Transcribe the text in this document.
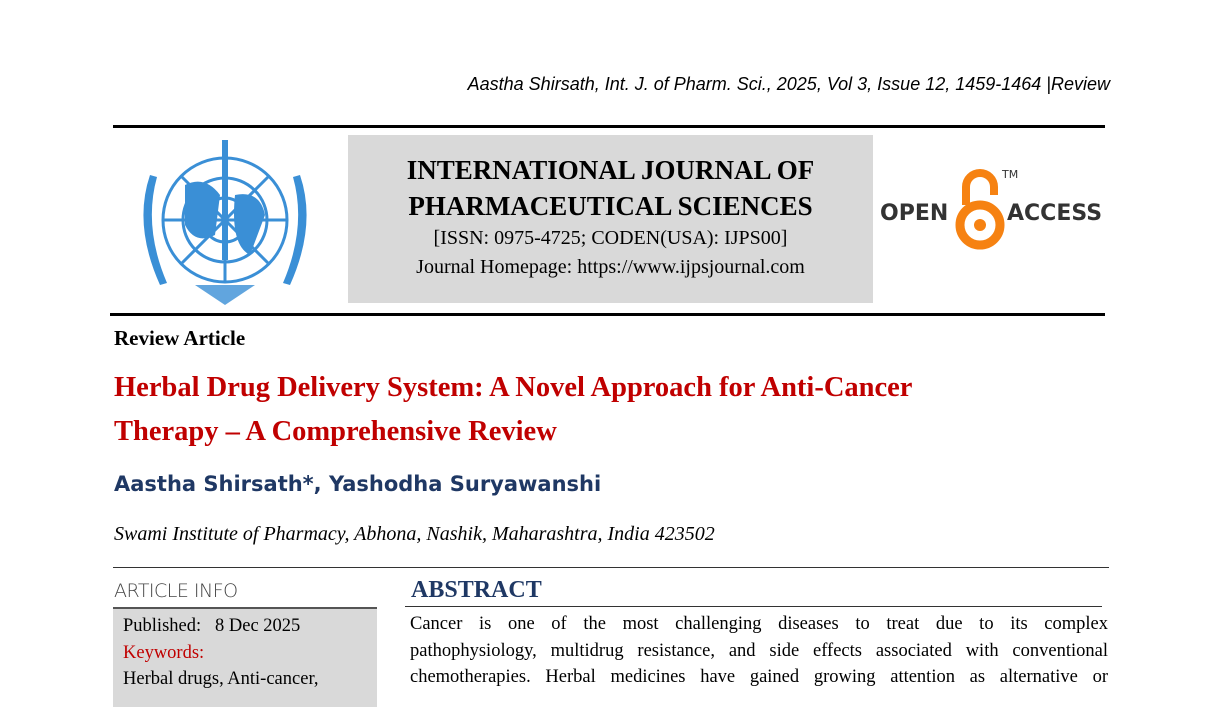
Aastha Shirsath, Int. J. of Pharm. Sci., 2025, Vol 3, Issue 12, 1459-1464 |Review
INTERNATIONAL JOURNAL OF
PHARMACEUTICAL SCIENCES
[ISSN: 0975-4725; CODEN(USA): IJPS00]
Journal Homepage: https://www.ijpsjournal.com
OPEN	ACCESS
TM
Review Article
Herbal Drug Delivery System: A Novel Approach for Anti-Cancer
Therapy – A Comprehensive Review
Aastha Shirsath*, Yashodha Suryawanshi
Swami Institute of Pharmacy, Abhona, Nashik, Maharashtra, India 423502
ARTICLE INFO
Published: 8 Dec 2025
Keywords:
Herbal drugs, Anti-cancer,
ABSTRACT
Cancer is one of the most challenging diseases to treat due to its complex
pathophysiology, multidrug resistance, and side effects associated with conventional
chemotherapies. Herbal medicines have gained growing attention as alternative or
